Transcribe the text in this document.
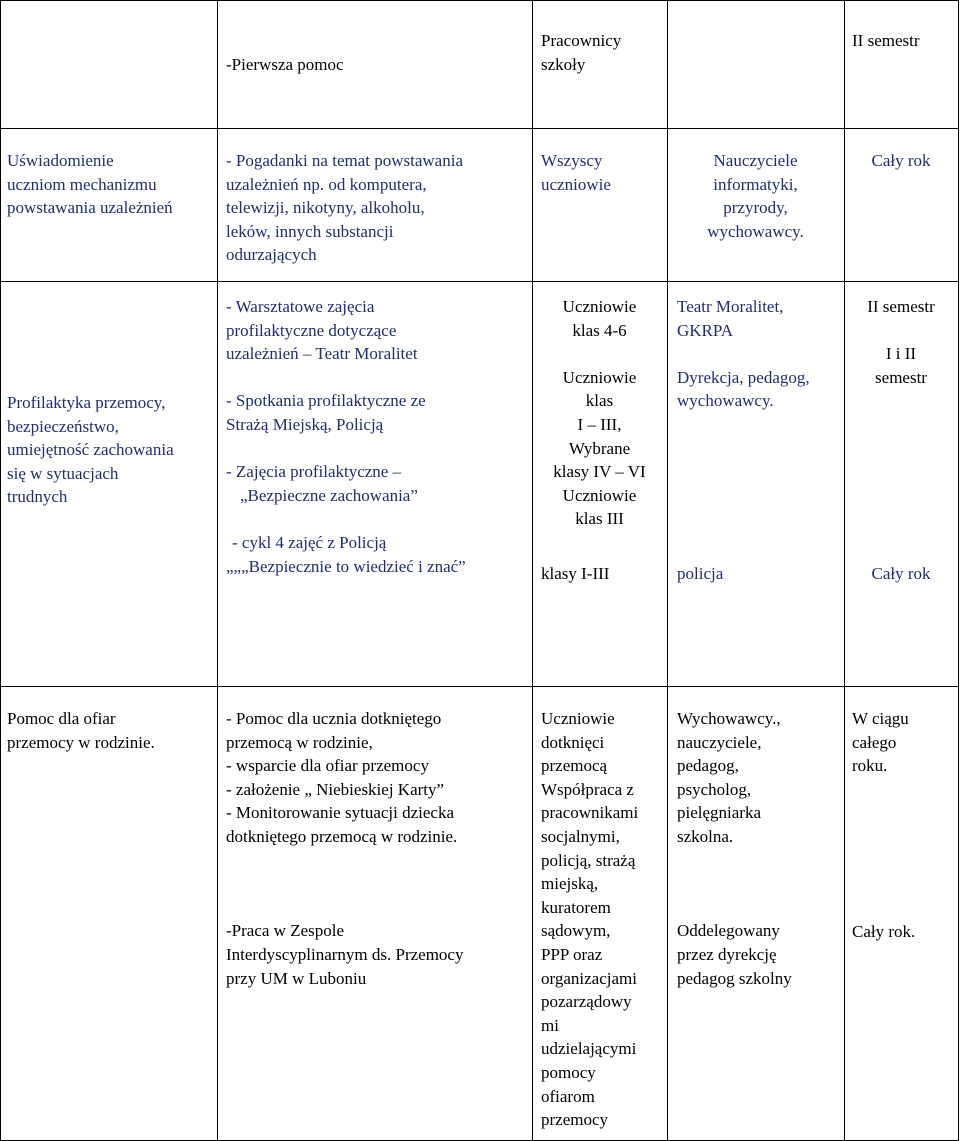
-Pierwsza pomoc
Pracownicy
szkoły
II semestr
Uświadomienie
uczniom mechanizmu
powstawania uzależnień
- Pogadanki na temat powstawania
uzależnień np. od komputera,
telewizji, nikotyny, alkoholu,
leków, innych substancji
odurzających
Wszyscy
uczniowie
Nauczyciele
informatyki,
przyrody,
wychowawcy.
Cały rok
Profilaktyka przemocy,
bezpieczeństwo,
umiejętność zachowania
się w sytuacjach
trudnych
- Warsztatowe zajęcia
profilaktyczne dotyczące
uzależnień – Teatr Moralitet
- Spotkania profilaktyczne ze
Strażą Miejską, Policją
- Zajęcia profilaktyczne –
„Bezpieczne zachowania”
- cykl 4 zajęć z Policją
„„„Bezpiecznie to wiedzieć i znać”
Uczniowie
klas 4-6
Uczniowie
klas
I – III,
Wybrane
klasy IV – VI
Uczniowie
klas III
klasy I-III
Teatr Moralitet,
GKRPA
Dyrekcja, pedagog,
wychowawcy.
policja
II semestr
I i II
semestr
Cały rok
Pomoc dla ofiar
przemocy w rodzinie.
- Pomoc dla ucznia dotkniętego
przemocą w rodzinie,
- wsparcie dla ofiar przemocy
- założenie „ Niebieskiej Karty”
- Monitorowanie sytuacji dziecka
dotkniętego przemocą w rodzinie.
-Praca w Zespole
Interdyscyplinarnym ds. Przemocy
przy UM w Luboniu
Uczniowie
dotknięci
przemocą
Współpraca z
pracownikami
socjalnymi,
policją, strażą
miejską,
kuratorem
sądowym,
PPP oraz
organizacjami
pozarządowy
mi
udzielającymi
pomocy
ofiarom
przemocy
Wychowawcy.,
nauczyciele,
pedagog,
psycholog,
pielęgniarka
szkolna.
Oddelegowany
przez dyrekcję
pedagog szkolny
W ciągu
całego
roku.
Cały rok.
